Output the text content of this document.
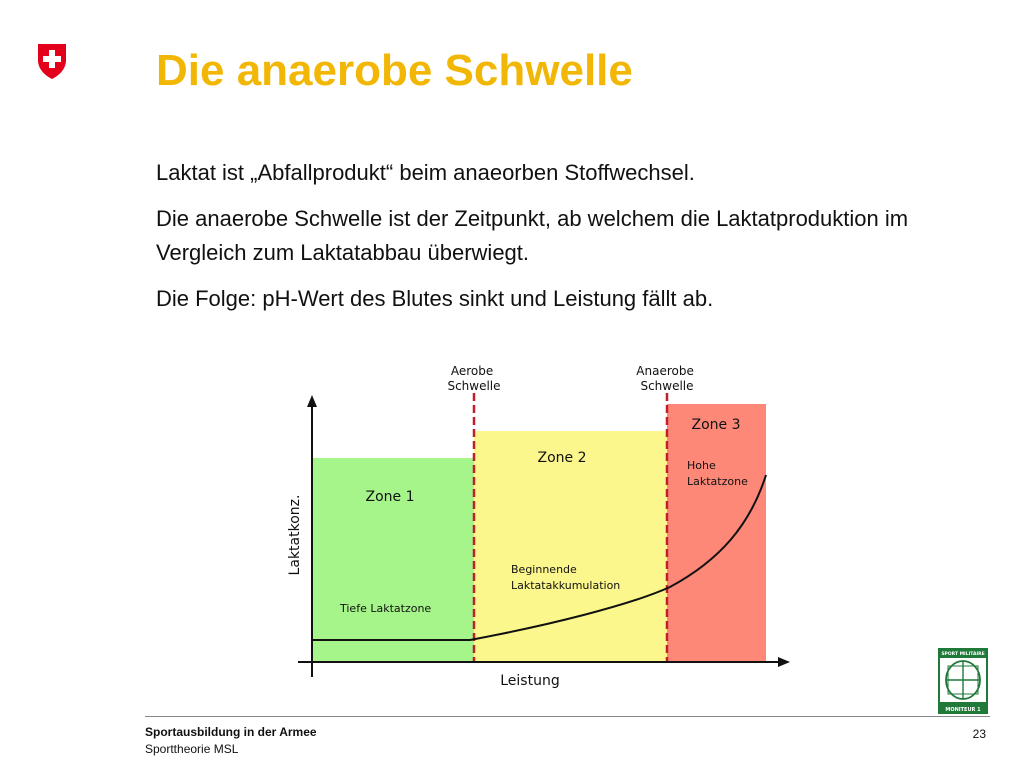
Die anaerobe Schwelle

Laktat ist „Abfallprodukt“ beim anaeorben Stoffwechsel.

Die anaerobe Schwelle ist der Zeitpunkt, ab welchem die Laktatproduktion im Vergleich zum Laktatabbau überwiegt.

Die Folge: pH-Wert des Blutes sinkt und Leistung fällt ab.

Aerobe Schwelle
Anaerobe Schwelle
Zone 1
Zone 2
Zone 3
Tiefe Laktatzone
Beginnende Laktatakkumulation
Hohe Laktatzone
Laktatkonz.
Leistung
Sportausbildung in der Armee
Sporttheorie MSL
23
SPORT MILITAIRE
MONITEUR 1
